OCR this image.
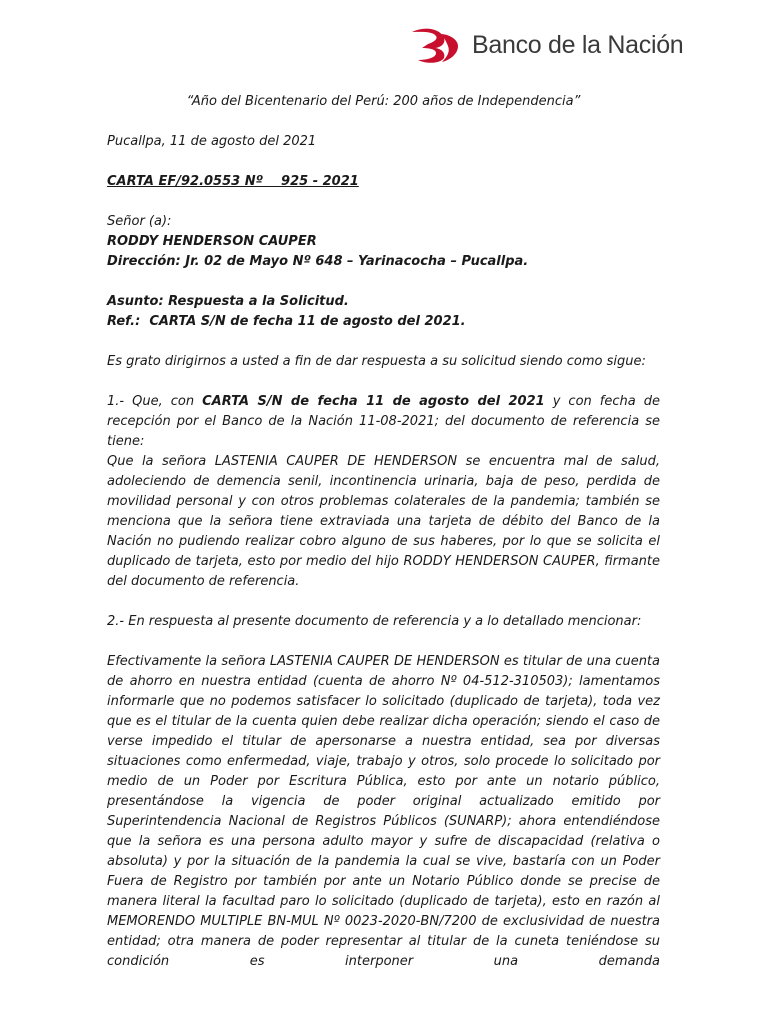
Banco de la Nación

“Año del Bicentenario del Perú: 200 años de Independencia”

Pucallpa, 11 de agosto del 2021

CARTA EF/92.0553 Nº    925 - 2021

Señor (a):

RODDY HENDERSON CAUPER

Dirección: Jr. 02 de Mayo Nº 648 – Yarinacocha – Pucallpa.

Asunto: Respuesta a la Solicitud.

Ref.:  CARTA S/N de fecha 11 de agosto del 2021.

Es grato dirigirnos a usted a fin de dar respuesta a su solicitud siendo como sigue:

1.- Que, con CARTA S/N de fecha 11 de agosto del 2021 y con fecha de recepción por el Banco de la Nación 11-08-2021; del documento de referencia se tiene:

Que la señora LASTENIA CAUPER DE HENDERSON se encuentra mal de salud, adoleciendo de demencia senil, incontinencia urinaria, baja de peso, perdida de movilidad personal y con otros problemas colaterales de la pandemia; también se menciona que la señora tiene extraviada una tarjeta de débito del Banco de la Nación no pudiendo realizar cobro alguno de sus haberes, por lo que se solicita el duplicado de tarjeta, esto por medio del hijo RODDY HENDERSON CAUPER, firmante del documento de referencia.

2.- En respuesta al presente documento de referencia y a lo detallado mencionar:

Efectivamente la señora LASTENIA CAUPER DE HENDERSON es titular de una cuenta de ahorro en nuestra entidad (cuenta de ahorro Nº 04-512-310503); lamentamos informarle que no podemos satisfacer lo solicitado (duplicado de tarjeta), toda vez que es el titular de la cuenta quien debe realizar dicha operación; siendo el caso de verse impedido el titular de apersonarse a nuestra entidad, sea por diversas situaciones como enfermedad, viaje, trabajo y otros, solo procede lo solicitado por medio de un Poder por Escritura Pública, esto por ante un notario público, presentándose la vigencia de poder original actualizado emitido por Superintendencia Nacional de Registros Públicos (SUNARP); ahora entendiéndose que la señora es una persona adulto mayor y sufre de discapacidad (relativa o absoluta) y por la situación de la pandemia la cual se vive, bastaría con un Poder Fuera de Registro por también por ante un Notario Público donde se precise de manera literal la facultad paro lo solicitado (duplicado de tarjeta), esto en razón al MEMORENDO MULTIPLE BN-MUL Nº 0023-2020-BN/7200 de exclusividad de nuestra entidad; otra manera de poder representar al titular de la cuneta teniéndose su condición es interponer una demanda
